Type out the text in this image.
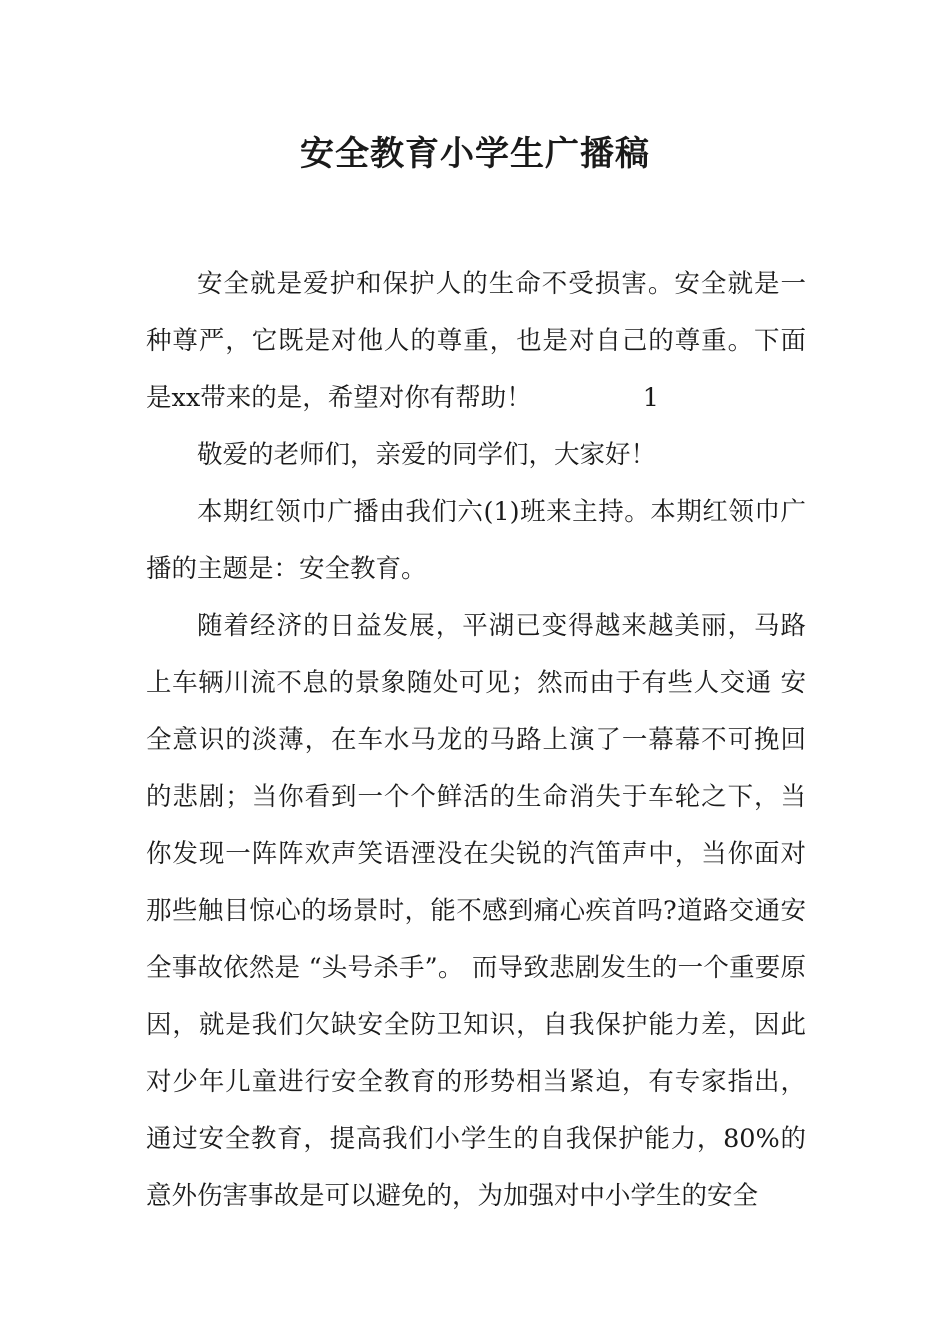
安全教育小学生广播稿

安全就是爱护和保护人的生命不受损害。安全就是一种尊严，它既是对他人的尊重，也是对自己的尊重。下面是xx带来的是，希望对你有帮助！	1

敬爱的老师们，亲爱的同学们，大家好！

本期红领巾广播由我们六(1)班来主持。本期红领巾广播的主题是：安全教育。

随着经济的日益发展，平湖已变得越来越美丽，马路上车辆川流不息的景象随处可见；然而由于有些人交通 安全意识的淡薄，在车水马龙的马路上演了一幕幕不可挽回的悲剧；当你看到一个个鲜活的生命消失于车轮之下，当你发现一阵阵欢声笑语湮没在尖锐的汽笛声中，当你面对那些触目惊心的场景时，能不感到痛心疾首吗?道路交通安全事故依然是 “头号杀手”。 而导致悲剧发生的一个重要原因，就是我们欠缺安全防卫知识，自我保护能力差，因此对少年儿童进行安全教育的形势相当紧迫，有专家指出，通过安全教育，提高我们小学生的自我保护能力，80%的意外伤害事故是可以避免的，为加强对中小学生的安全
